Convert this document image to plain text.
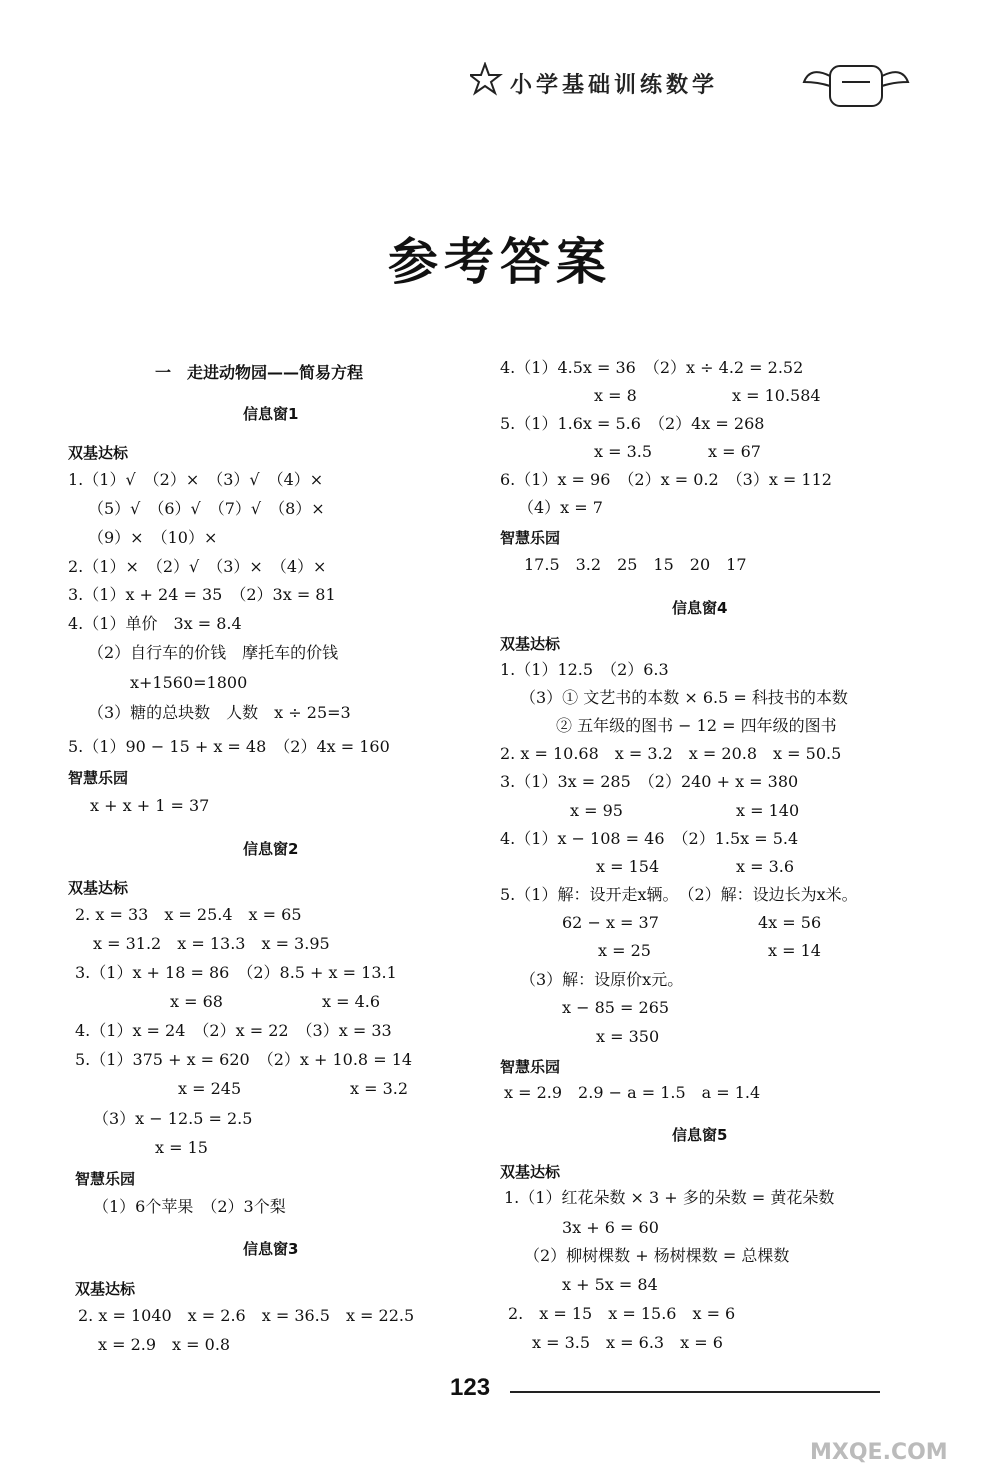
小学基础训练数学
参考答案
一　走进动物园——简易方程
信息窗1
双基达标
1.（1）√　（2）×　（3）√　（4）×
（5）√　（6）√　（7）√　（8）×
（9）×　（10）×
2.（1）×　（2）√　（3）×　（4）×
3.（1）x + 24 = 35　（2）3x = 81
4.（1）单价　3x = 8.4
（2）自行车的价钱　摩托车的价钱
x+1560=1800
（3）糖的总块数　人数　x ÷ 25=3
5.（1）90 − 15 + x = 48　（2）4x = 160
智慧乐园
x + x + 1 = 37
信息窗2
双基达标
2. x = 33　x = 25.4　x = 65
x = 31.2　x = 13.3　x = 3.95
3.（1）x + 18 = 86　（2）8.5 + x = 13.1
x = 68	x = 4.6
4.（1）x = 24　（2）x = 22　（3）x = 33
5.（1）375 + x = 620　（2）x + 10.8 = 14
x = 245	x = 3.2
（3）x − 12.5 = 2.5
x = 15
智慧乐园
（1）6个苹果　（2）3个梨
信息窗3
双基达标
2. x = 1040　x = 2.6　x = 36.5　x = 22.5
x = 2.9　x = 0.8
4.（1）4.5x = 36　（2）x ÷ 4.2 = 2.52
x = 8	x = 10.584
5.（1）1.6x = 5.6　（2）4x = 268
x = 3.5	x = 67
6.（1）x = 96　（2）x = 0.2　（3）x = 112
（4）x = 7
智慧乐园
17.5　3.2　25　15　20　17
信息窗4
双基达标
1.（1）12.5　（2）6.3
（3）① 文艺书的本数 × 6.5 = 科技书的本数
② 五年级的图书 − 12 = 四年级的图书
2. x = 10.68　x = 3.2　x = 20.8　x = 50.5
3.（1）3x = 285　（2）240 + x = 380
x = 95	x = 140
4.（1）x − 108 = 46　（2）1.5x = 5.4
x = 154	x = 3.6
5.（1）解：设开走x辆。　（2）解：设边长为x米。
62 − x = 37	4x = 56
x = 25	x = 14
（3）解：设原价x元。
x − 85 = 265
x = 350
智慧乐园
x = 2.9　2.9 − a = 1.5　a = 1.4
信息窗5
双基达标
1.（1）红花朵数 × 3 + 多的朵数 = 黄花朵数
3x + 6 = 60
（2）柳树棵数 + 杨树棵数 = 总棵数
x + 5x = 84
2.　x = 15　x = 15.6　x = 6
x = 3.5　x = 6.3　x = 6
123
MXQE.COM
